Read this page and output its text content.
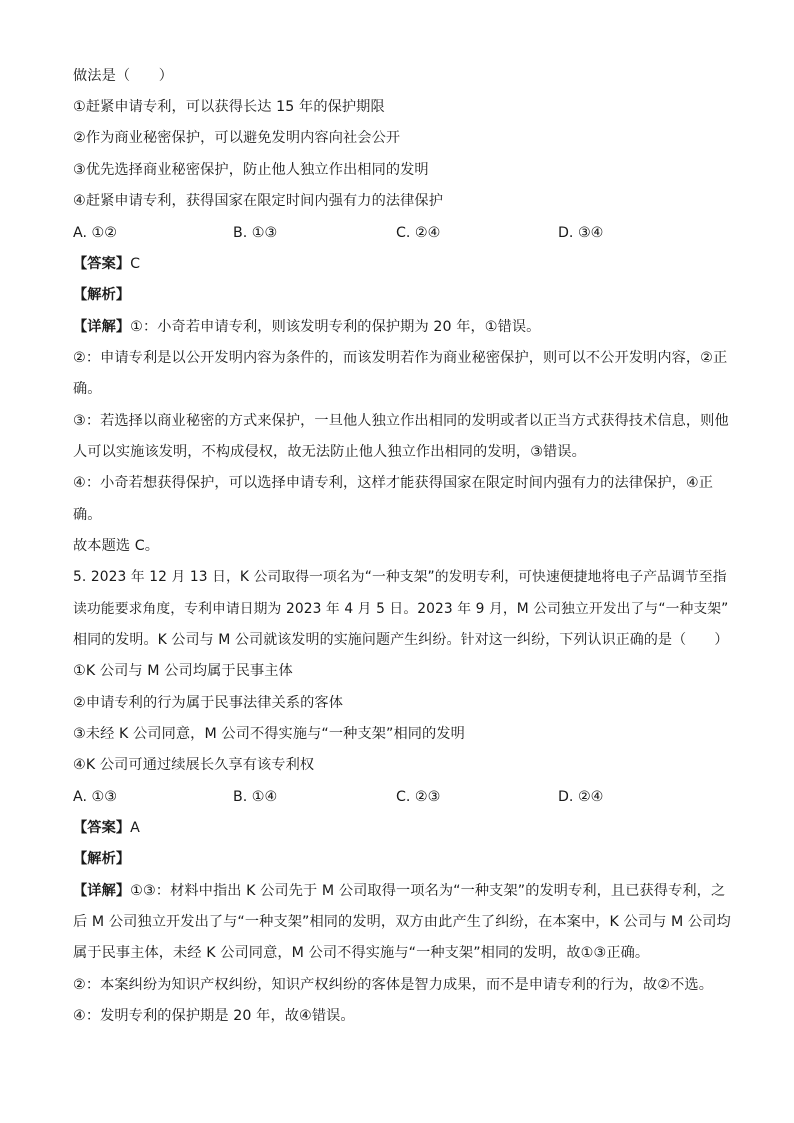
做法是（　　）
①赶紧申请专利，可以获得长达 15 年的保护期限
②作为商业秘密保护，可以避免发明内容向社会公开
③优先选择商业秘密保护，防止他人独立作出相同的发明
④赶紧申请专利，获得国家在限定时间内强有力的法律保护
A. ①②	B. ①③	C. ②④	D. ③④
【答案】C
【解析】
【详解】①：小奇若申请专利，则该发明专利的保护期为 20 年，①错误。
②：申请专利是以公开发明内容为条件的，而该发明若作为商业秘密保护，则可以不公开发明内容，②正
确。
③：若选择以商业秘密的方式来保护，一旦他人独立作出相同的发明或者以正当方式获得技术信息，则他
人可以实施该发明，不构成侵权，故无法防止他人独立作出相同的发明，③错误。
④：小奇若想获得保护，可以选择申请专利，这样才能获得国家在限定时间内强有力的法律保护，④正
确。
故本题选 C。
5. 2023 年 12 月 13 日，K 公司取得一项名为“一种支架”的发明专利，可快速便捷地将电子产品调节至指
读功能要求角度，专利申请日期为 2023 年 4 月 5 日。2023 年 9 月，M 公司独立开发出了与“一种支架”
相同的发明。K 公司与 M 公司就该发明的实施问题产生纠纷。针对这一纠纷，下列认识正确的是（　　）
①K 公司与 M 公司均属于民事主体
②申请专利的行为属于民事法律关系的客体
③未经 K 公司同意，M 公司不得实施与“一种支架”相同的发明
④K 公司可通过续展长久享有该专利权
A. ①③	B. ①④	C. ②③	D. ②④
【答案】A
【解析】
【详解】①③：材料中指出 K 公司先于 M 公司取得一项名为“一种支架”的发明专利，且已获得专利，之
后 M 公司独立开发出了与“一种支架”相同的发明，双方由此产生了纠纷，在本案中，K 公司与 M 公司均
属于民事主体，未经 K 公司同意，M 公司不得实施与“一种支架”相同的发明，故①③正确。
②：本案纠纷为知识产权纠纷，知识产权纠纷的客体是智力成果，而不是申请专利的行为，故②不选。
④：发明专利的保护期是 20 年，故④错误。
